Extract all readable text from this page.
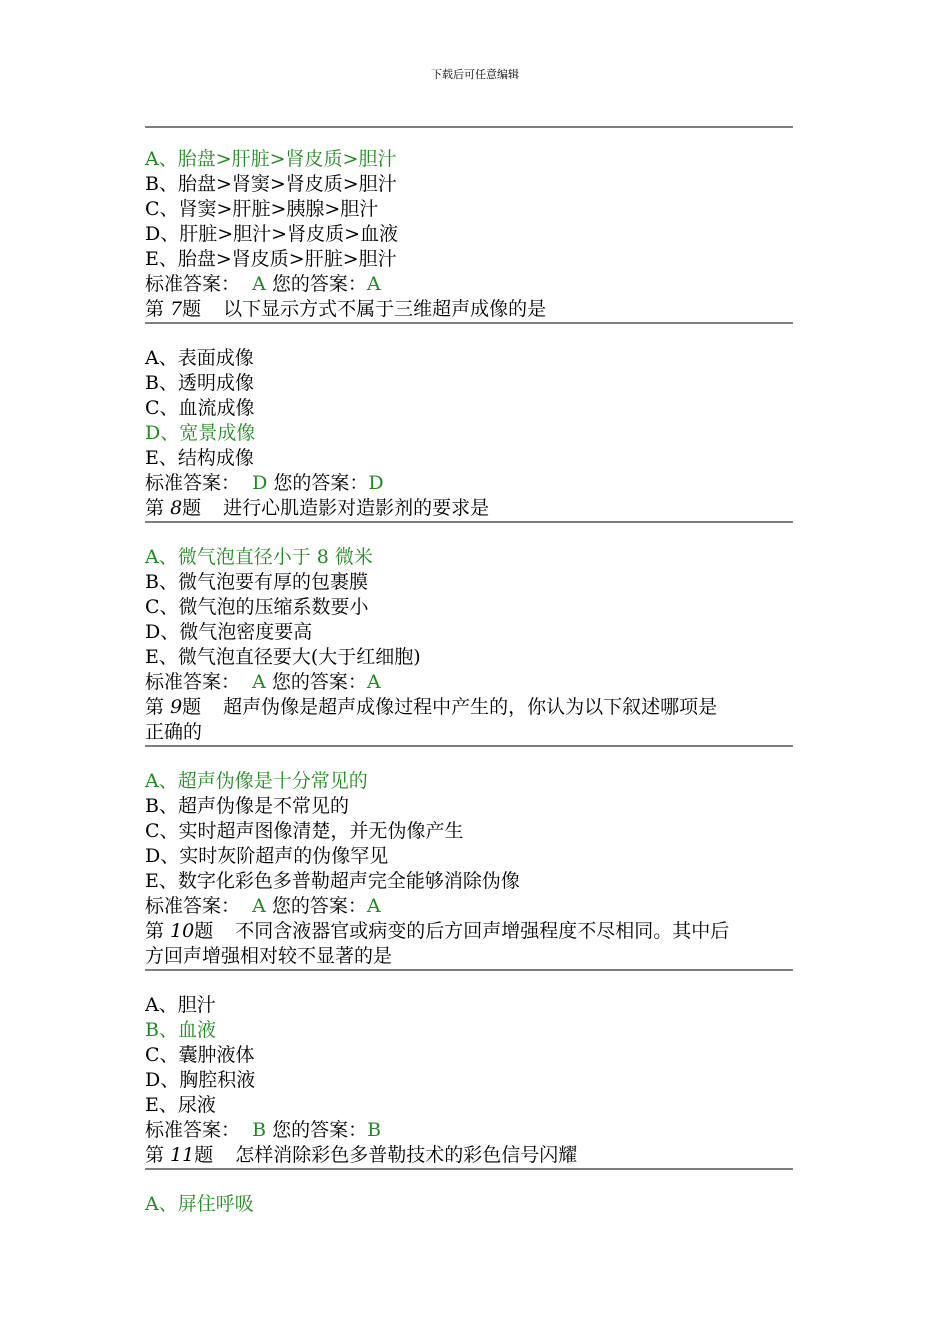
下载后可任意编辑
A、胎盘>肝脏>肾皮质>胆汁
B、胎盘>肾窦>肾皮质>胆汁
C、肾窦>肝脏>胰腺>胆汁
D、肝脏>胆汁>肾皮质>血液
E、胎盘>肾皮质>肝脏>胆汁
标准答案： A 您的答案：A
第 7题 以下显示方式不属于三维超声成像的是
A、表面成像
B、透明成像
C、血流成像
D、宽景成像
E、结构成像
标准答案： D 您的答案：D
第 8题 进行心肌造影对造影剂的要求是
A、微气泡直径小于 8 微米
B、微气泡要有厚的包裹膜
C、微气泡的压缩系数要小
D、微气泡密度要高
E、微气泡直径要大(大于红细胞)
标准答案： A 您的答案：A
第 9题 超声伪像是超声成像过程中产生的，你认为以下叙述哪项是
正确的
A、超声伪像是十分常见的
B、超声伪像是不常见的
C、实时超声图像清楚，并无伪像产生
D、实时灰阶超声的伪像罕见
E、数字化彩色多普勒超声完全能够消除伪像
标准答案： A 您的答案：A
第 10题 不同含液器官或病变的后方回声增强程度不尽相同。其中后
方回声增强相对较不显著的是
A、胆汁
B、血液
C、囊肿液体
D、胸腔积液
E、尿液
标准答案： B 您的答案：B
第 11题 怎样消除彩色多普勒技术的彩色信号闪耀
A、屏住呼吸
